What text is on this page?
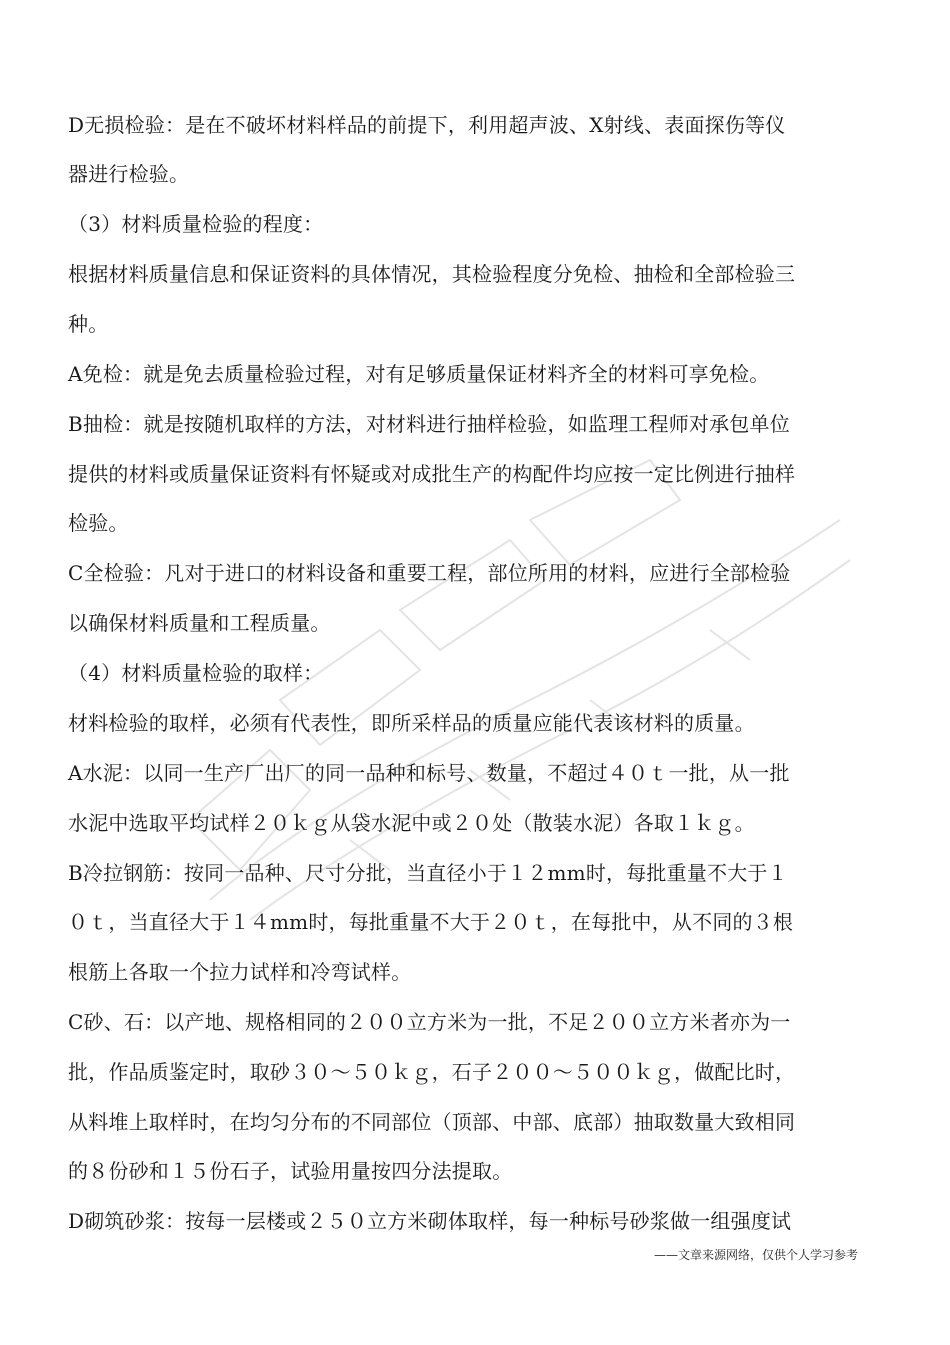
D无损检验：是在不破坏材料样品的前提下，利用超声波、X射线、表面探伤等仪
器进行检验。
（3）材料质量检验的程度：
根据材料质量信息和保证资料的具体情况，其检验程度分免检、抽检和全部检验三
种。
A免检：就是免去质量检验过程，对有足够质量保证材料齐全的材料可享免检。
B抽检：就是按随机取样的方法，对材料进行抽样检验，如监理工程师对承包单位
提供的材料或质量保证资料有怀疑或对成批生产的构配件均应按一定比例进行抽样
检验。
C全检验：凡对于进口的材料设备和重要工程，部位所用的材料，应进行全部检验
以确保材料质量和工程质量。
（4）材料质量检验的取样：
材料检验的取样，必须有代表性，即所采样品的质量应能代表该材料的质量。
A水泥：以同一生产厂出厂的同一品种和标号、数量，不超过４０ｔ一批，从一批
水泥中选取平均试样２０ｋｇ从袋水泥中或２０处（散装水泥）各取１ｋｇ。
B冷拉钢筋：按同一品种、尺寸分批，当直径小于１２mm时，每批重量不大于１
０ｔ，当直径大于１４mm时，每批重量不大于２０ｔ，在每批中，从不同的３根
根筋上各取一个拉力试样和冷弯试样。
C砂、石：以产地、规格相同的２００立方米为一批，不足２００立方米者亦为一
批，作品质鉴定时，取砂３０～５０ｋｇ，石子２００～５００ｋｇ，做配比时，
从料堆上取样时，在均匀分布的不同部位（顶部、中部、底部）抽取数量大致相同
的８份砂和１５份石子，试验用量按四分法提取。
D砌筑砂浆：按每一层楼或２５０立方米砌体取样，每一种标号砂浆做一组强度试
——文章来源网络，仅供个人学习参考
